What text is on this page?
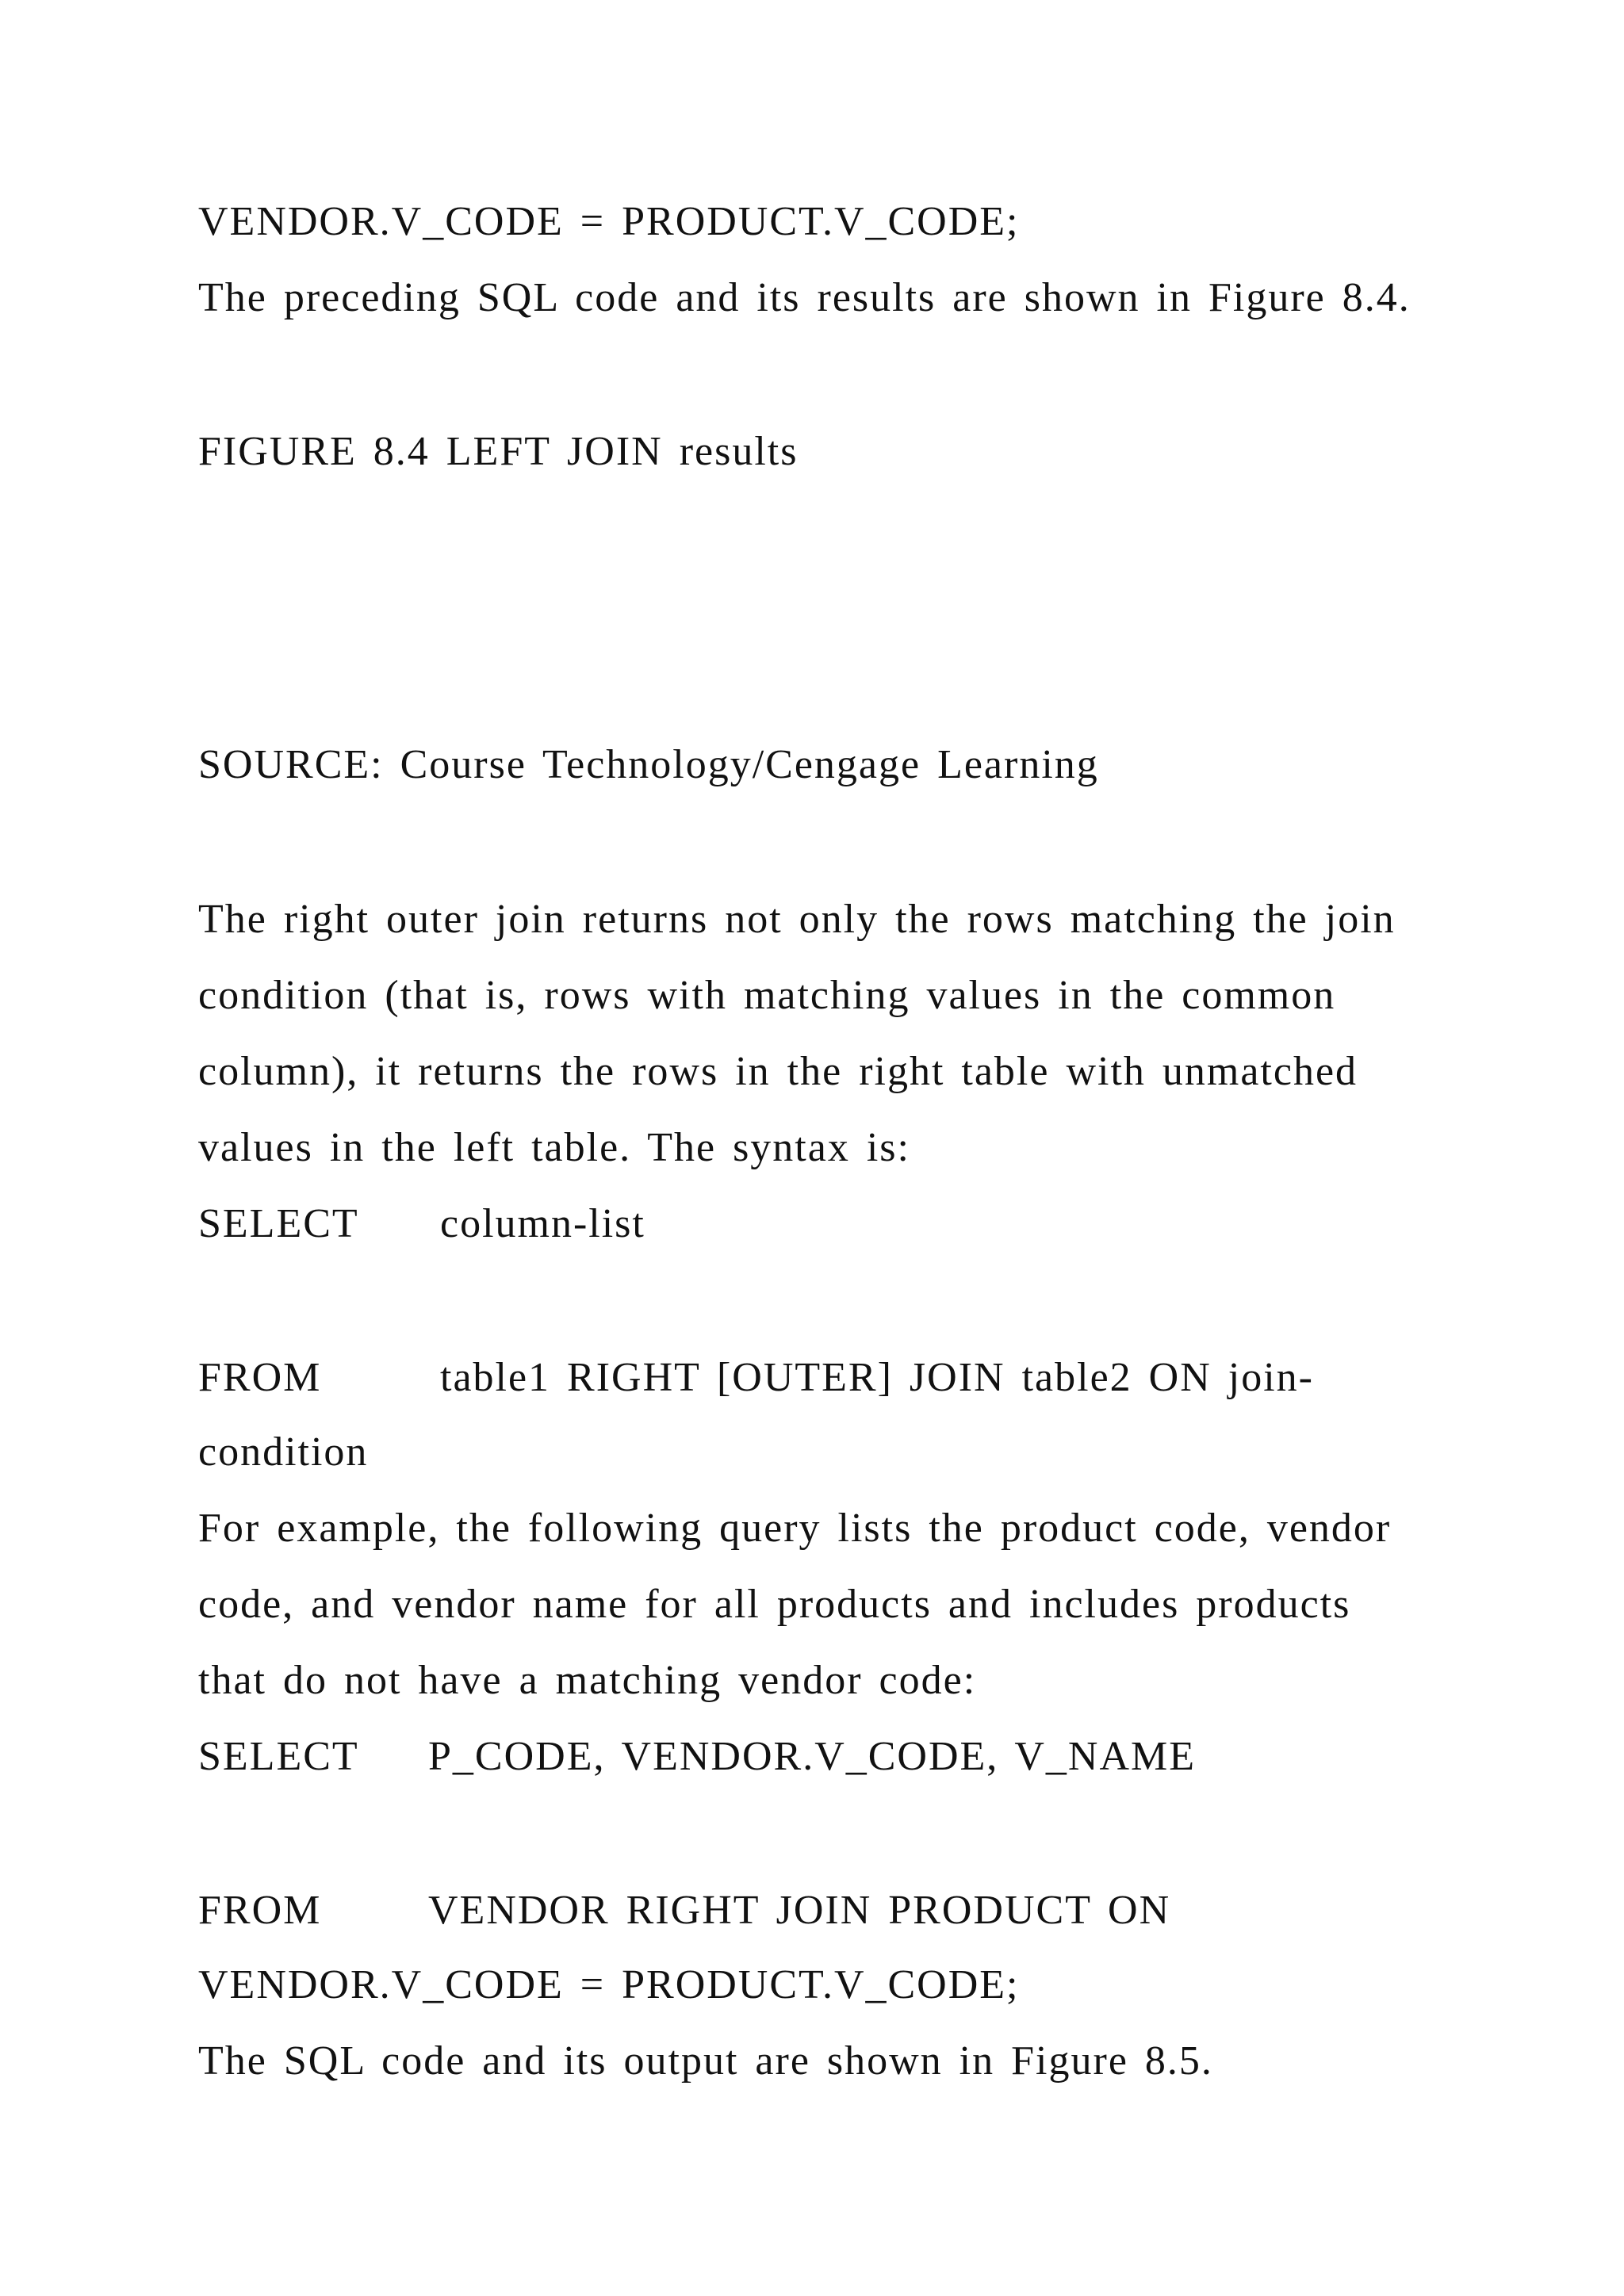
VENDOR.V_CODE = PRODUCT.V_CODE;
The preceding SQL code and its results are shown in Figure 8.4.
FIGURE 8.4 LEFT JOIN results
SOURCE: Course Technology/Cengage Learning
The right outer join returns not only the rows matching the join
condition (that is, rows with matching values in the common
column), it returns the rows in the right table with unmatched
values in the left table. The syntax is:
SELECT column-list
FROM	table1 RIGHT [OUTER] JOIN table2 ON join-
condition
For example, the following query lists the product code, vendor
code, and vendor name for all products and includes products
that do not have a matching vendor code:
SELECT P_CODE, VENDOR.V_CODE, V_NAME
FROM	VENDOR RIGHT JOIN PRODUCT ON
VENDOR.V_CODE = PRODUCT.V_CODE;
The SQL code and its output are shown in Figure 8.5.
